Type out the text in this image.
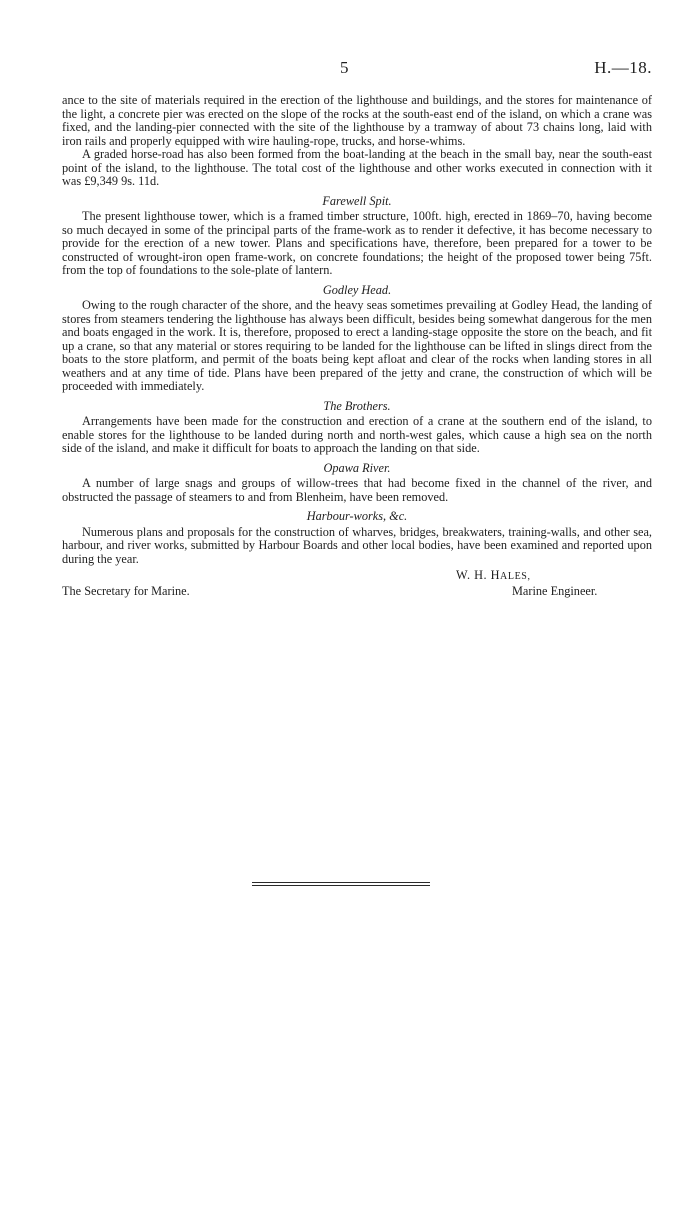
5	H.—18.

ance to the site of materials required in the erection of the lighthouse and buildings, and the stores for maintenance of the light, a concrete pier was erected on the slope of the rocks at the south-east end of the island, on which a crane was fixed, and the landing-pier connected with the site of the lighthouse by a tramway of about 73 chains long, laid with iron rails and properly equipped with wire hauling-rope, trucks, and horse-whims.

A graded horse-road has also been formed from the boat-landing at the beach in the small bay, near the south-east point of the island, to the lighthouse. The total cost of the lighthouse and other works executed in connection with it was £9,349 9s. 11d.

Farewell Spit.

The present lighthouse tower, which is a framed timber structure, 100ft. high, erected in 1869–70, having become so much decayed in some of the principal parts of the frame-work as to render it defective, it has become necessary to provide for the erection of a new tower. Plans and specifications have, therefore, been prepared for a tower to be constructed of wrought-iron open frame-work, on concrete foundations; the height of the proposed tower being 75ft. from the top of foundations to the sole-plate of lantern.

Godley Head.

Owing to the rough character of the shore, and the heavy seas sometimes prevailing at Godley Head, the landing of stores from steamers tendering the lighthouse has always been difficult, besides being somewhat dangerous for the men and boats engaged in the work. It is, therefore, proposed to erect a landing-stage opposite the store on the beach, and fit up a crane, so that any material or stores requiring to be landed for the lighthouse can be lifted in slings direct from the boats to the store platform, and permit of the boats being kept afloat and clear of the rocks when landing stores in all weathers and at any time of tide. Plans have been prepared of the jetty and crane, the construction of which will be proceeded with immediately.

The Brothers.

Arrangements have been made for the construction and erection of a crane at the southern end of the island, to enable stores for the lighthouse to be landed during north and north-west gales, which cause a high sea on the north side of the island, and make it difficult for boats to approach the landing on that side.

Opawa River.

A number of large snags and groups of willow-trees that had become fixed in the channel of the river, and obstructed the passage of steamers to and from Blenheim, have been removed.

Harbour-works, &c.

Numerous plans and proposals for the construction of wharves, bridges, breakwaters, training-walls, and other sea, harbour, and river works, submitted by Harbour Boards and other local bodies, have been examined and reported upon during the year.

W. H. HALES,
Marine Engineer.
The Secretary for Marine.
